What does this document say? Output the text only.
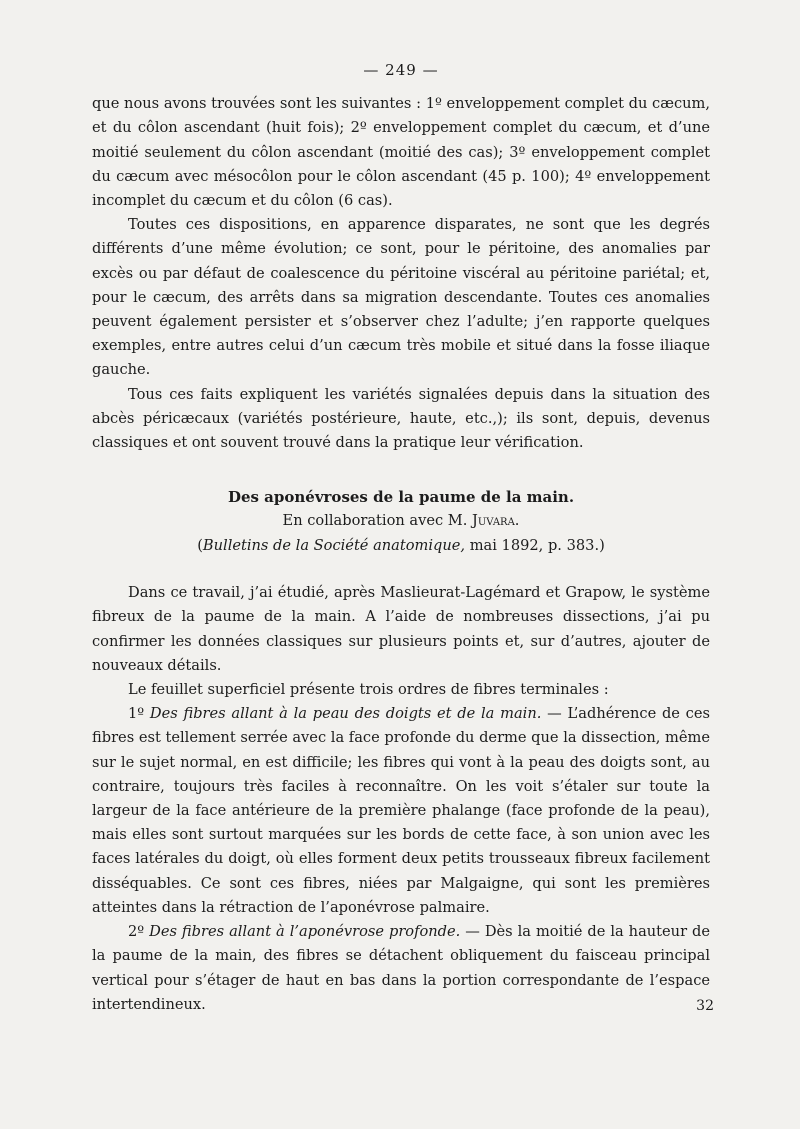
— 249 —

que nous avons trouvées sont les suivantes : 1º enveloppement complet du cæcum, et du côlon ascendant (huit fois); 2º enveloppement complet du cæcum, et d’une moitié seulement du côlon ascendant (moitié des cas); 3º enveloppement complet du cæcum avec mésocôlon pour le côlon ascendant (45 p. 100); 4º enveloppement incomplet du cæcum et du côlon (6 cas).

Toutes ces dispositions, en apparence disparates, ne sont que les degrés différents d’une même évolution; ce sont, pour le péritoine, des anomalies par excès ou par défaut de coalescence du péritoine viscéral au péritoine pariétal; et, pour le cæcum, des arrêts dans sa migration descendante. Toutes ces anomalies peuvent également persister et s’observer chez l’adulte; j’en rapporte quelques exemples, entre autres celui d’un cæcum très mobile et situé dans la fosse iliaque gauche.

Tous ces faits expliquent les variétés signalées depuis dans la situation des abcès péricæcaux (variétés postérieure, haute, etc.,); ils sont, depuis, devenus classiques et ont souvent trouvé dans la pratique leur vérification.

Des aponévroses de la paume de la main.

En collaboration avec M. Juvara.

(Bulletins de la Société anatomique, mai 1892, p. 383.)

Dans ce travail, j’ai étudié, après Maslieurat-Lagémard et Grapow, le système fibreux de la paume de la main. A l’aide de nombreuses dissections, j’ai pu confirmer les données classiques sur plusieurs points et, sur d’autres, ajouter de nouveaux détails.

Le feuillet superficiel présente trois ordres de fibres terminales :

1º Des fibres allant à la peau des doigts et de la main. — L’adhérence de ces fibres est tellement serrée avec la face profonde du derme que la dissection, même sur le sujet normal, en est difficile; les fibres qui vont à la peau des doigts sont, au contraire, toujours très faciles à reconnaître. On les voit s’étaler sur toute la largeur de la face antérieure de la première phalange (face profonde de la peau), mais elles sont surtout marquées sur les bords de cette face, à son union avec les faces latérales du doigt, où elles forment deux petits trousseaux fibreux facilement disséquables. Ce sont ces fibres, niées par Malgaigne, qui sont les premières atteintes dans la rétraction de l’aponévrose palmaire.

2º Des fibres allant à l’aponévrose profonde. — Dès la moitié de la hauteur de la paume de la main, des fibres se détachent obliquement du faisceau principal vertical pour s’étager de haut en bas dans la portion correspondante de l’espace intertendineux.	32
